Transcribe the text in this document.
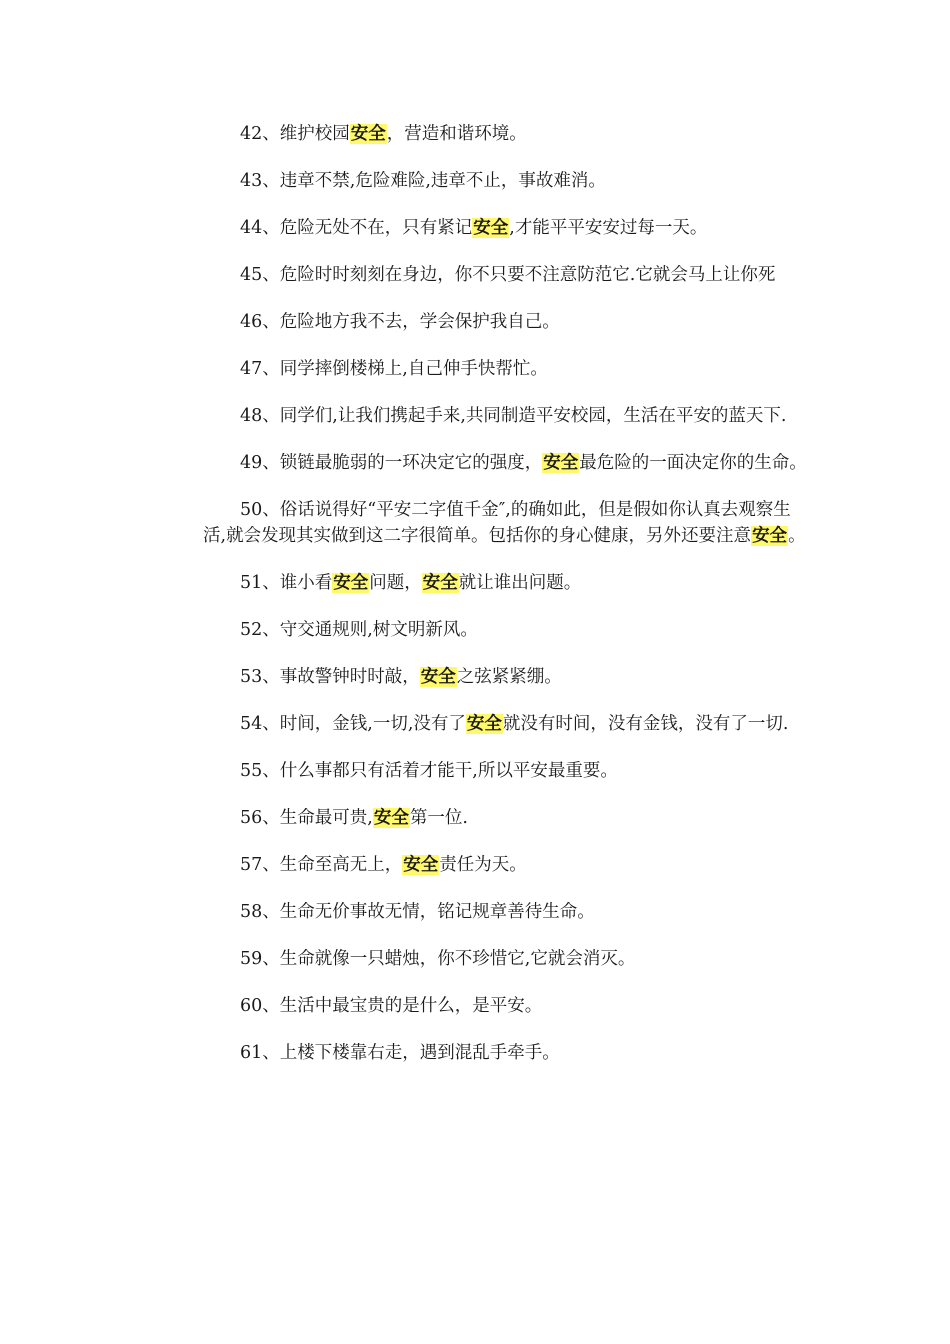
42、维护校园安全，营造和谐环境。

43、违章不禁,危险难险,违章不止，事故难消。

44、危险无处不在，只有紧记安全,才能平平安安过每一天。

45、危险时时刻刻在身边，你不只要不注意防范它.它就会马上让你死

46、危险地方我不去，学会保护我自己。

47、同学摔倒楼梯上,自己伸手快帮忙。

48、同学们,让我们携起手来,共同制造平安校园，生活在平安的蓝天下.

49、锁链最脆弱的一环决定它的强度，安全最危险的一面决定你的生命。

50、俗话说得好“平安二字值千金″,的确如此，但是假如你认真去观察生活,就会发现其实做到这二字很简单。包括你的身心健康，另外还要注意安全。

51、谁小看安全问题，安全就让谁出问题。

52、守交通规则,树文明新风。

53、事故警钟时时敲，安全之弦紧紧绷。

54、时间，金钱,一切,没有了安全就没有时间，没有金钱，没有了一切.

55、什么事都只有活着才能干,所以平安最重要。

56、生命最可贵,安全第一位.

57、生命至高无上，安全责任为天。

58、生命无价事故无情，铭记规章善待生命。

59、生命就像一只蜡烛，你不珍惜它,它就会消灭。

60、生活中最宝贵的是什么，是平安。

61、上楼下楼靠右走，遇到混乱手牵手。
